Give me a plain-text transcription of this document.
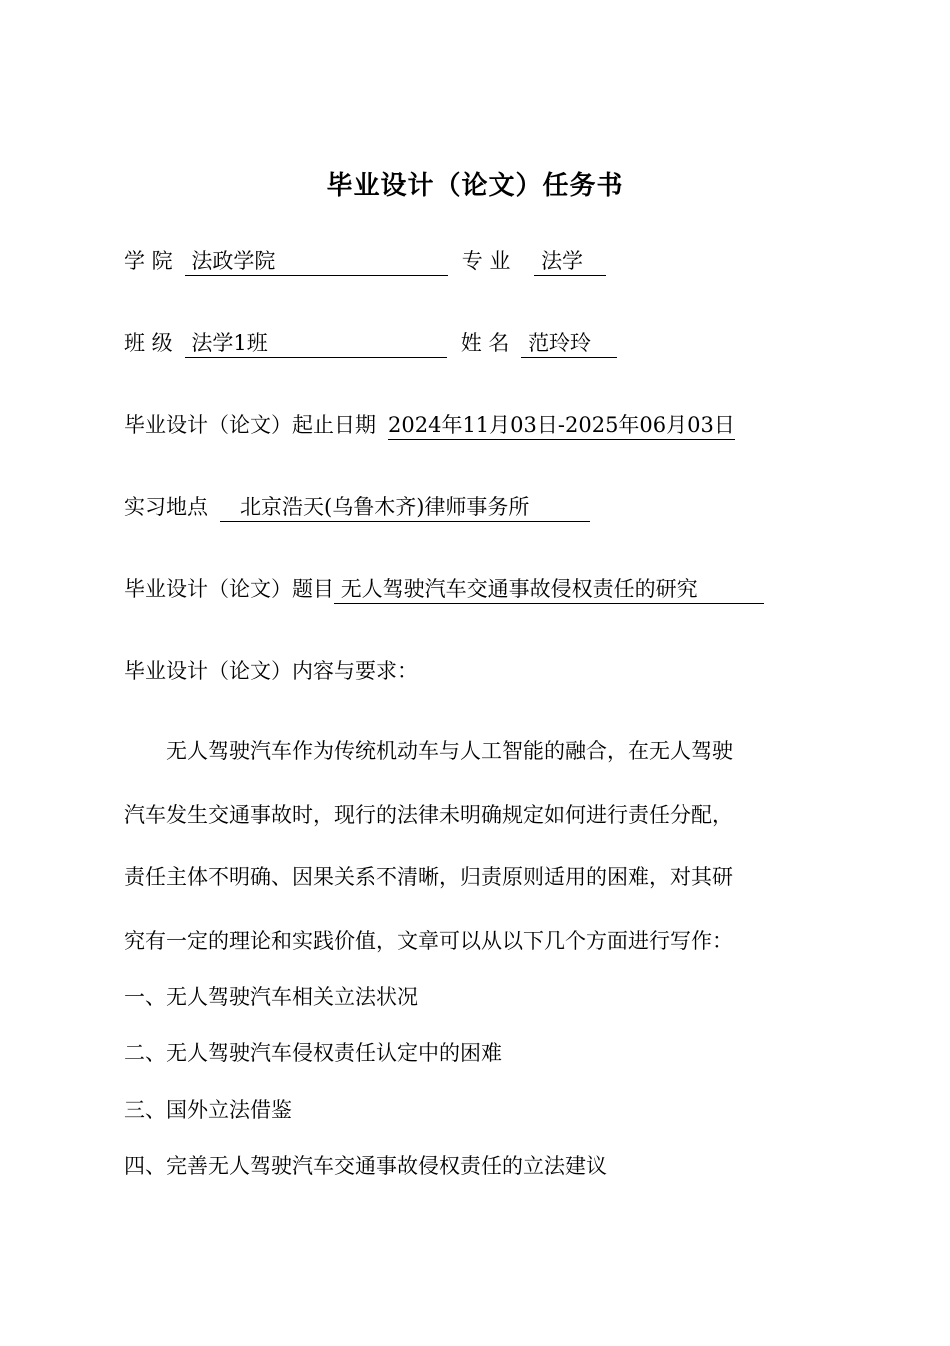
毕业设计（论文）任务书
学 院 法政学院	专 业 法学
班 级 法学1班	姓 名 范玲玲
毕业设计（论文）起止日期 2024年11月03日-2025年06月03日
实习地点 北京浩天(乌鲁木齐)律师事务所
毕业设计（论文）题目 无人驾驶汽车交通事故侵权责任的研究
毕业设计（论文）内容与要求：
无人驾驶汽车作为传统机动车与人工智能的融合，在无人驾驶
汽车发生交通事故时，现行的法律未明确规定如何进行责任分配，
责任主体不明确、因果关系不清晰，归责原则适用的困难，对其研
究有一定的理论和实践价值，文章可以从以下几个方面进行写作：
一、无人驾驶汽车相关立法状况
二、无人驾驶汽车侵权责任认定中的困难
三、国外立法借鉴
四、完善无人驾驶汽车交通事故侵权责任的立法建议
